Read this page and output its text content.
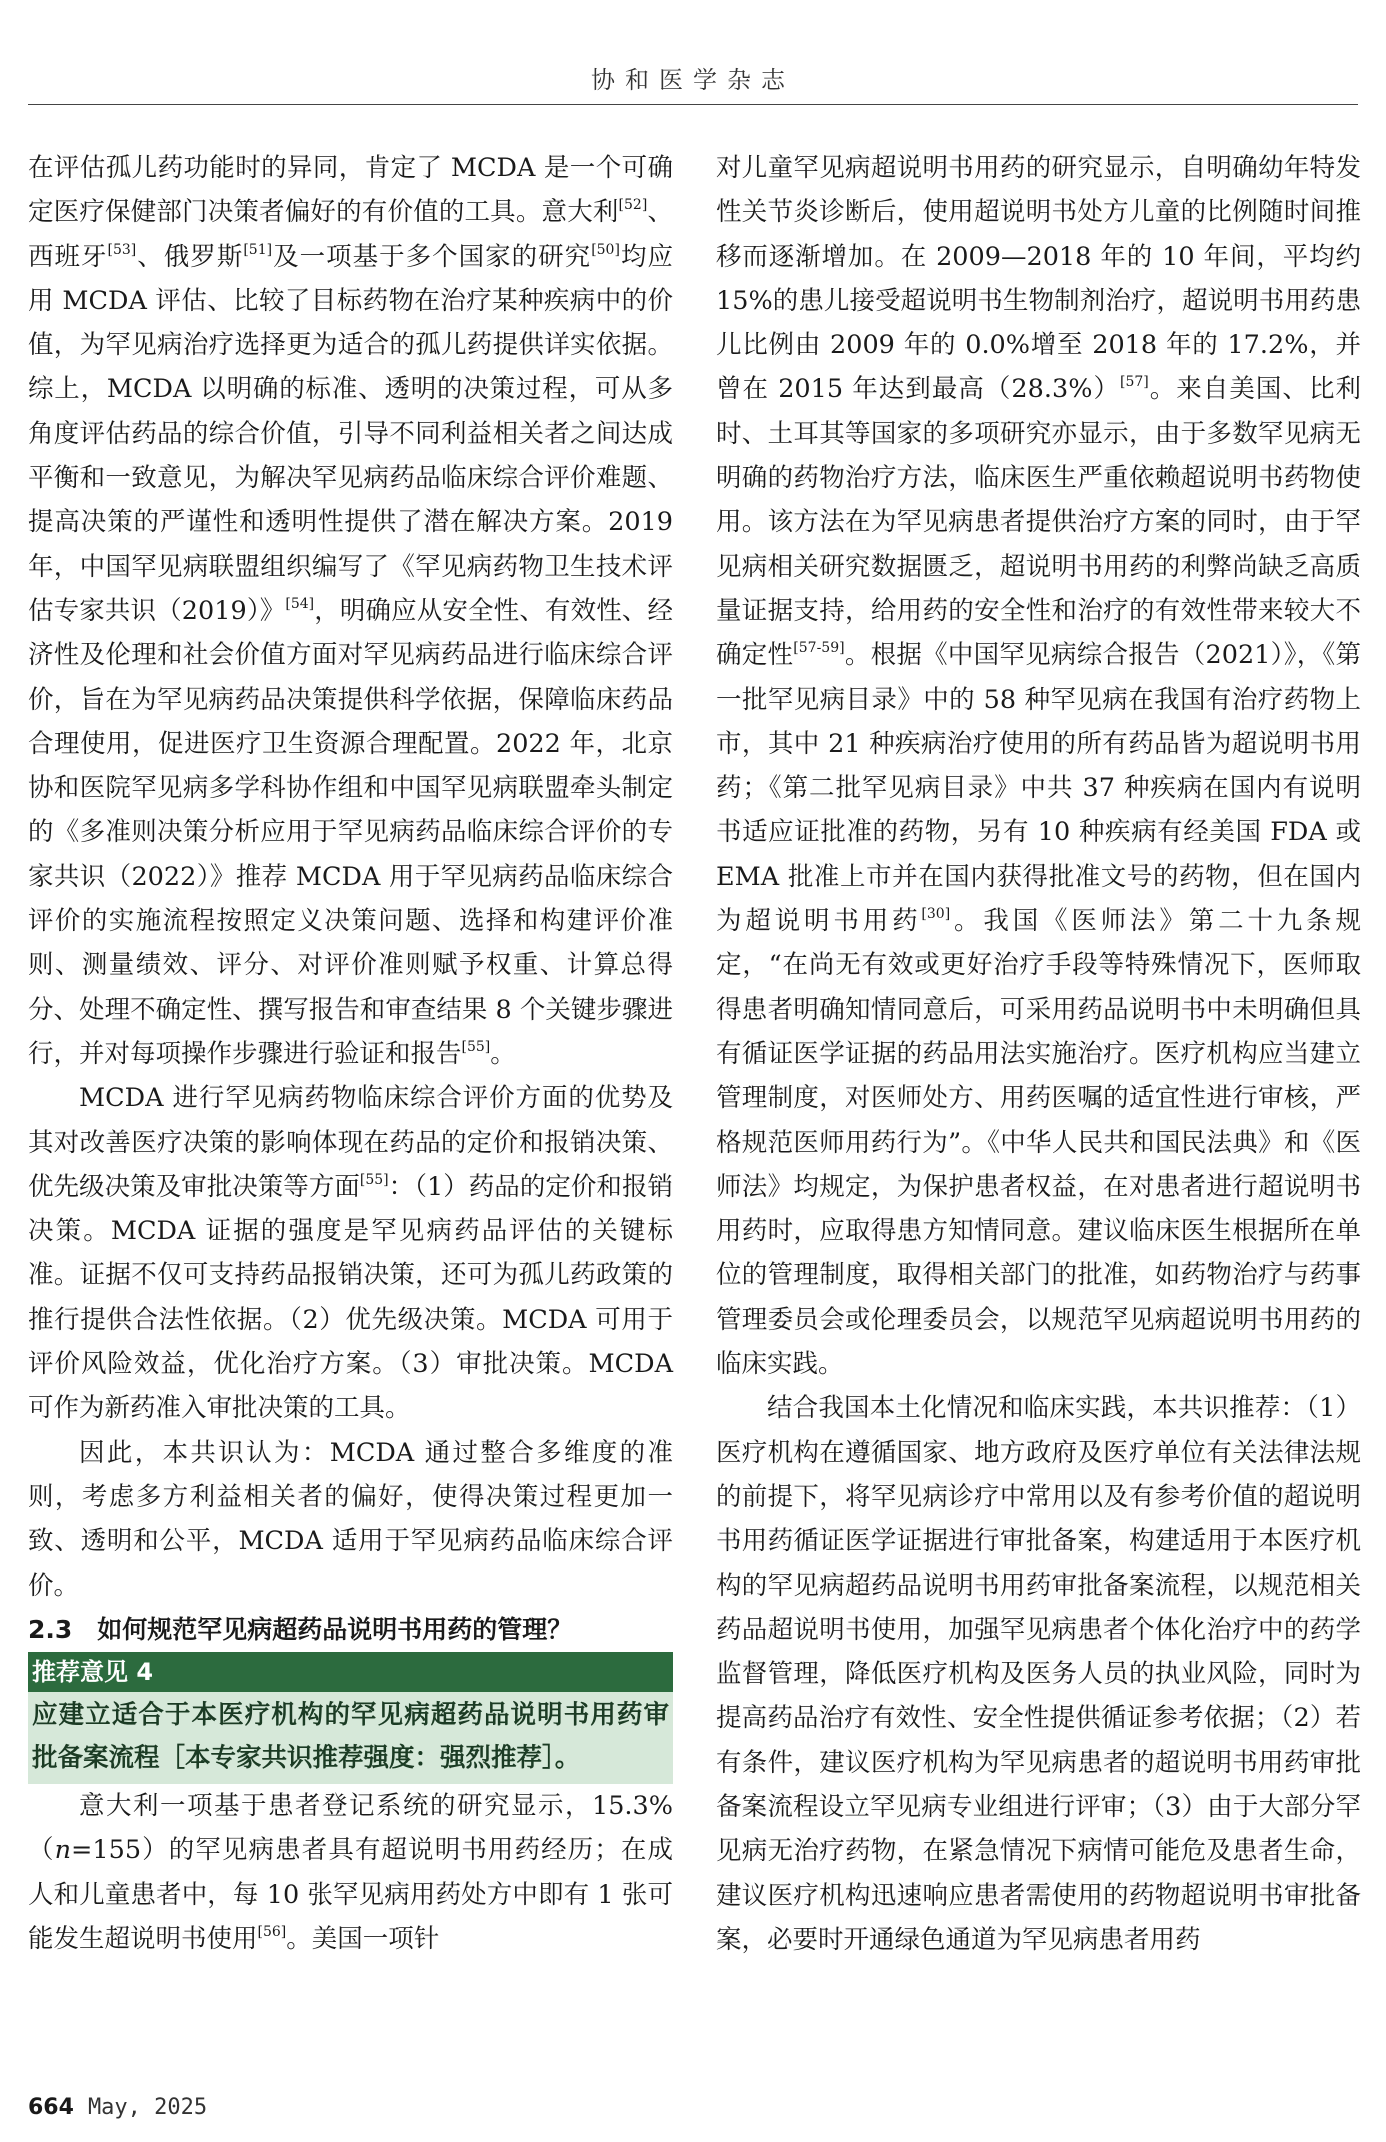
协和医学杂志

在评估孤儿药功能时的异同，肯定了 MCDA 是一个可确定医疗保健部门决策者偏好的有价值的工具。意大利[52]、西班牙[53]、俄罗斯[51]及一项基于多个国家的研究[50]均应用 MCDA 评估、比较了目标药物在治疗某种疾病中的价值，为罕见病治疗选择更为适合的孤儿药提供详实依据。综上，MCDA 以明确的标准、透明的决策过程，可从多角度评估药品的综合价值，引导不同利益相关者之间达成平衡和一致意见，为解决罕见病药品临床综合评价难题、提高决策的严谨性和透明性提供了潜在解决方案。2019 年，中国罕见病联盟组织编写了《罕见病药物卫生技术评估专家共识（2019）》[54]，明确应从安全性、有效性、经济性及伦理和社会价值方面对罕见病药品进行临床综合评价，旨在为罕见病药品决策提供科学依据，保障临床药品合理使用，促进医疗卫生资源合理配置。2022 年，北京协和医院罕见病多学科协作组和中国罕见病联盟牵头制定的《多准则决策分析应用于罕见病药品临床综合评价的专家共识（2022）》推荐 MCDA 用于罕见病药品临床综合评价的实施流程按照定义决策问题、选择和构建评价准则、测量绩效、评分、对评价准则赋予权重、计算总得分、处理不确定性、撰写报告和审查结果 8 个关键步骤进行，并对每项操作步骤进行验证和报告[55]。

MCDA 进行罕见病药物临床综合评价方面的优势及其对改善医疗决策的影响体现在药品的定价和报销决策、优先级决策及审批决策等方面[55]：（1）药品的定价和报销决策。MCDA 证据的强度是罕见病药品评估的关键标准。证据不仅可支持药品报销决策，还可为孤儿药政策的推行提供合法性依据。（2）优先级决策。MCDA 可用于评价风险效益，优化治疗方案。（3）审批决策。MCDA 可作为新药准入审批决策的工具。

因此，本共识认为：MCDA 通过整合多维度的准则，考虑多方利益相关者的偏好，使得决策过程更加一致、透明和公平，MCDA 适用于罕见病药品临床综合评价。

2.3　如何规范罕见病超药品说明书用药的管理？

推荐意见 4
应建立适合于本医疗机构的罕见病超药品说明书用药审批备案流程［本专家共识推荐强度：强烈推荐］。

意大利一项基于患者登记系统的研究显示，15.3%（n=155）的罕见病患者具有超说明书用药经历；在成人和儿童患者中，每 10 张罕见病用药处方中即有 1 张可能发生超说明书使用[56]。美国一项针

对儿童罕见病超说明书用药的研究显示，自明确幼年特发性关节炎诊断后，使用超说明书处方儿童的比例随时间推移而逐渐增加。在 2009—2018 年的 10 年间，平均约 15%的患儿接受超说明书生物制剂治疗，超说明书用药患儿比例由 2009 年的 0.0%增至 2018 年的 17.2%，并曾在 2015 年达到最高（28.3%）[57]。来自美国、比利时、土耳其等国家的多项研究亦显示，由于多数罕见病无明确的药物治疗方法，临床医生严重依赖超说明书药物使用。该方法在为罕见病患者提供治疗方案的同时，由于罕见病相关研究数据匮乏，超说明书用药的利弊尚缺乏高质量证据支持，给用药的安全性和治疗的有效性带来较大不确定性[57-59]。根据《中国罕见病综合报告（2021）》，《第一批罕见病目录》中的 58 种罕见病在我国有治疗药物上市，其中 21 种疾病治疗使用的所有药品皆为超说明书用药；《第二批罕见病目录》中共 37 种疾病在国内有说明书适应证批准的药物，另有 10 种疾病有经美国 FDA 或 EMA 批准上市并在国内获得批准文号的药物，但在国内为超说明书用药[30]。我国《医师法》第二十九条规定，“在尚无有效或更好治疗手段等特殊情况下，医师取得患者明确知情同意后，可采用药品说明书中未明确但具有循证医学证据的药品用法实施治疗。医疗机构应当建立管理制度，对医师处方、用药医嘱的适宜性进行审核，严格规范医师用药行为”。《中华人民共和国民法典》和《医师法》均规定，为保护患者权益，在对患者进行超说明书用药时，应取得患方知情同意。建议临床医生根据所在单位的管理制度，取得相关部门的批准，如药物治疗与药事管理委员会或伦理委员会，以规范罕见病超说明书用药的临床实践。

结合我国本土化情况和临床实践，本共识推荐：（1）医疗机构在遵循国家、地方政府及医疗单位有关法律法规的前提下，将罕见病诊疗中常用以及有参考价值的超说明书用药循证医学证据进行审批备案，构建适用于本医疗机构的罕见病超药品说明书用药审批备案流程，以规范相关药品超说明书使用，加强罕见病患者个体化治疗中的药学监督管理，降低医疗机构及医务人员的执业风险，同时为提高药品治疗有效性、安全性提供循证参考依据；（2）若有条件，建议医疗机构为罕见病患者的超说明书用药审批备案流程设立罕见病专业组进行评审；（3）由于大部分罕见病无治疗药物，在紧急情况下病情可能危及患者生命，建议医疗机构迅速响应患者需使用的药物超说明书审批备案，必要时开通绿色通道为罕见病患者用药

664 May, 2025
